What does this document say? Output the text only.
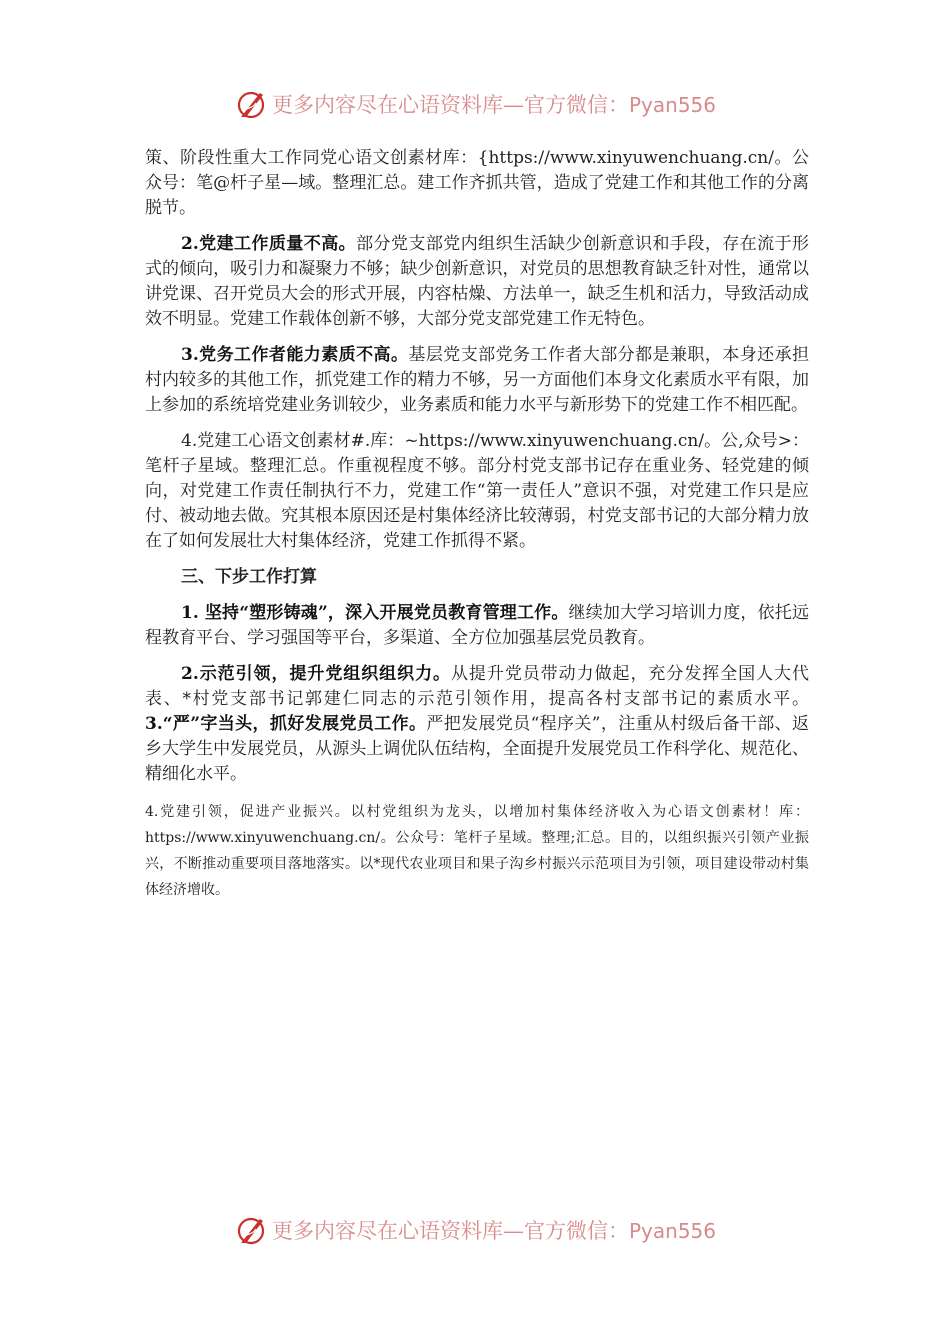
更多内容尽在心语资料库—官方微信：Pyan556

策、阶段性重大工作同党心语文创素材库：{https://www.xinyuwenchuang.cn/。公众号：笔@杆子星—域。整理汇总。建工作齐抓共管，造成了党建工作和其他工作的分离脱节。

2.党建工作质量不高。部分党支部党内组织生活缺少创新意识和手段，存在流于形式的倾向，吸引力和凝聚力不够；缺少创新意识，对党员的思想教育缺乏针对性，通常以讲党课、召开党员大会的形式开展，内容枯燥、方法单一，缺乏生机和活力，导致活动成效不明显。党建工作载体创新不够，大部分党支部党建工作无特色。

3.党务工作者能力素质不高。基层党支部党务工作者大部分都是兼职，本身还承担村内较多的其他工作，抓党建工作的精力不够，另一方面他们本身文化素质水平有限，加上参加的系统培党建业务训较少，业务素质和能力水平与新形势下的党建工作不相匹配。

4.党建工心语文创素材#.库：~https://www.xinyuwenchuang.cn/。公,众号>：笔杆子星域。整理汇总。作重视程度不够。部分村党支部书记存在重业务、轻党建的倾向，对党建工作责任制执行不力，党建工作“第一责任人”意识不强，对党建工作只是应付、被动地去做。究其根本原因还是村集体经济比较薄弱，村党支部书记的大部分精力放在了如何发展壮大村集体经济，党建工作抓得不紧。

三、下步工作打算

1. 坚持“塑形铸魂”，深入开展党员教育管理工作。继续加大学习培训力度，依托远程教育平台、学习强国等平台，多渠道、全方位加强基层党员教育。

2.示范引领，提升党组织组织力。从提升党员带动力做起，充分发挥全国人大代表、*村党支部书记郭建仁同志的示范引领作用，提高各村支部书记的素质水平。3.“严”字当头，抓好发展党员工作。严把发展党员“程序关”，注重从村级后备干部、返乡大学生中发展党员，从源头上调优队伍结构，全面提升发展党员工作科学化、规范化、精细化水平。

4.党建引领，促进产业振兴。以村党组织为龙头，以增加村集体经济收入为心语文创素材！库：https://www.xinyuwenchuang.cn/。公众号：笔杆子星域。整理;汇总。目的，以组织振兴引领产业振兴，不断推动重要项目落地落实。以*现代农业项目和果子沟乡村振兴示范项目为引领，项目建设带动村集体经济增收。

更多内容尽在心语资料库—官方微信：Pyan556
